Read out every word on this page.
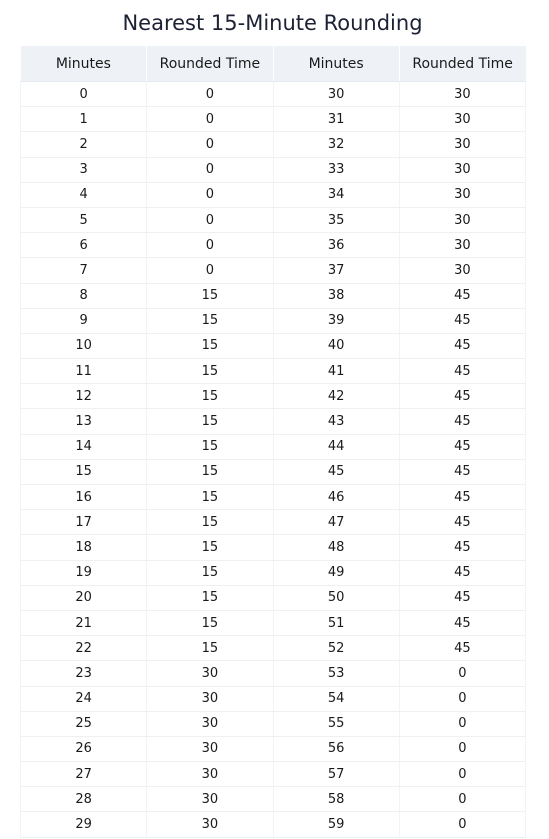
Nearest 15-Minute Rounding
Minutes	Rounded Time	Minutes	Rounded Time
0	0	30	30
1	0	31	30
2	0	32	30
3	0	33	30
4	0	34	30
5	0	35	30
6	0	36	30
7	0	37	30
8	15	38	45
9	15	39	45
10	15	40	45
11	15	41	45
12	15	42	45
13	15	43	45
14	15	44	45
15	15	45	45
16	15	46	45
17	15	47	45
18	15	48	45
19	15	49	45
20	15	50	45
21	15	51	45
22	15	52	45
23	30	53	0
24	30	54	0
25	30	55	0
26	30	56	0
27	30	57	0
28	30	58	0
29	30	59	0
